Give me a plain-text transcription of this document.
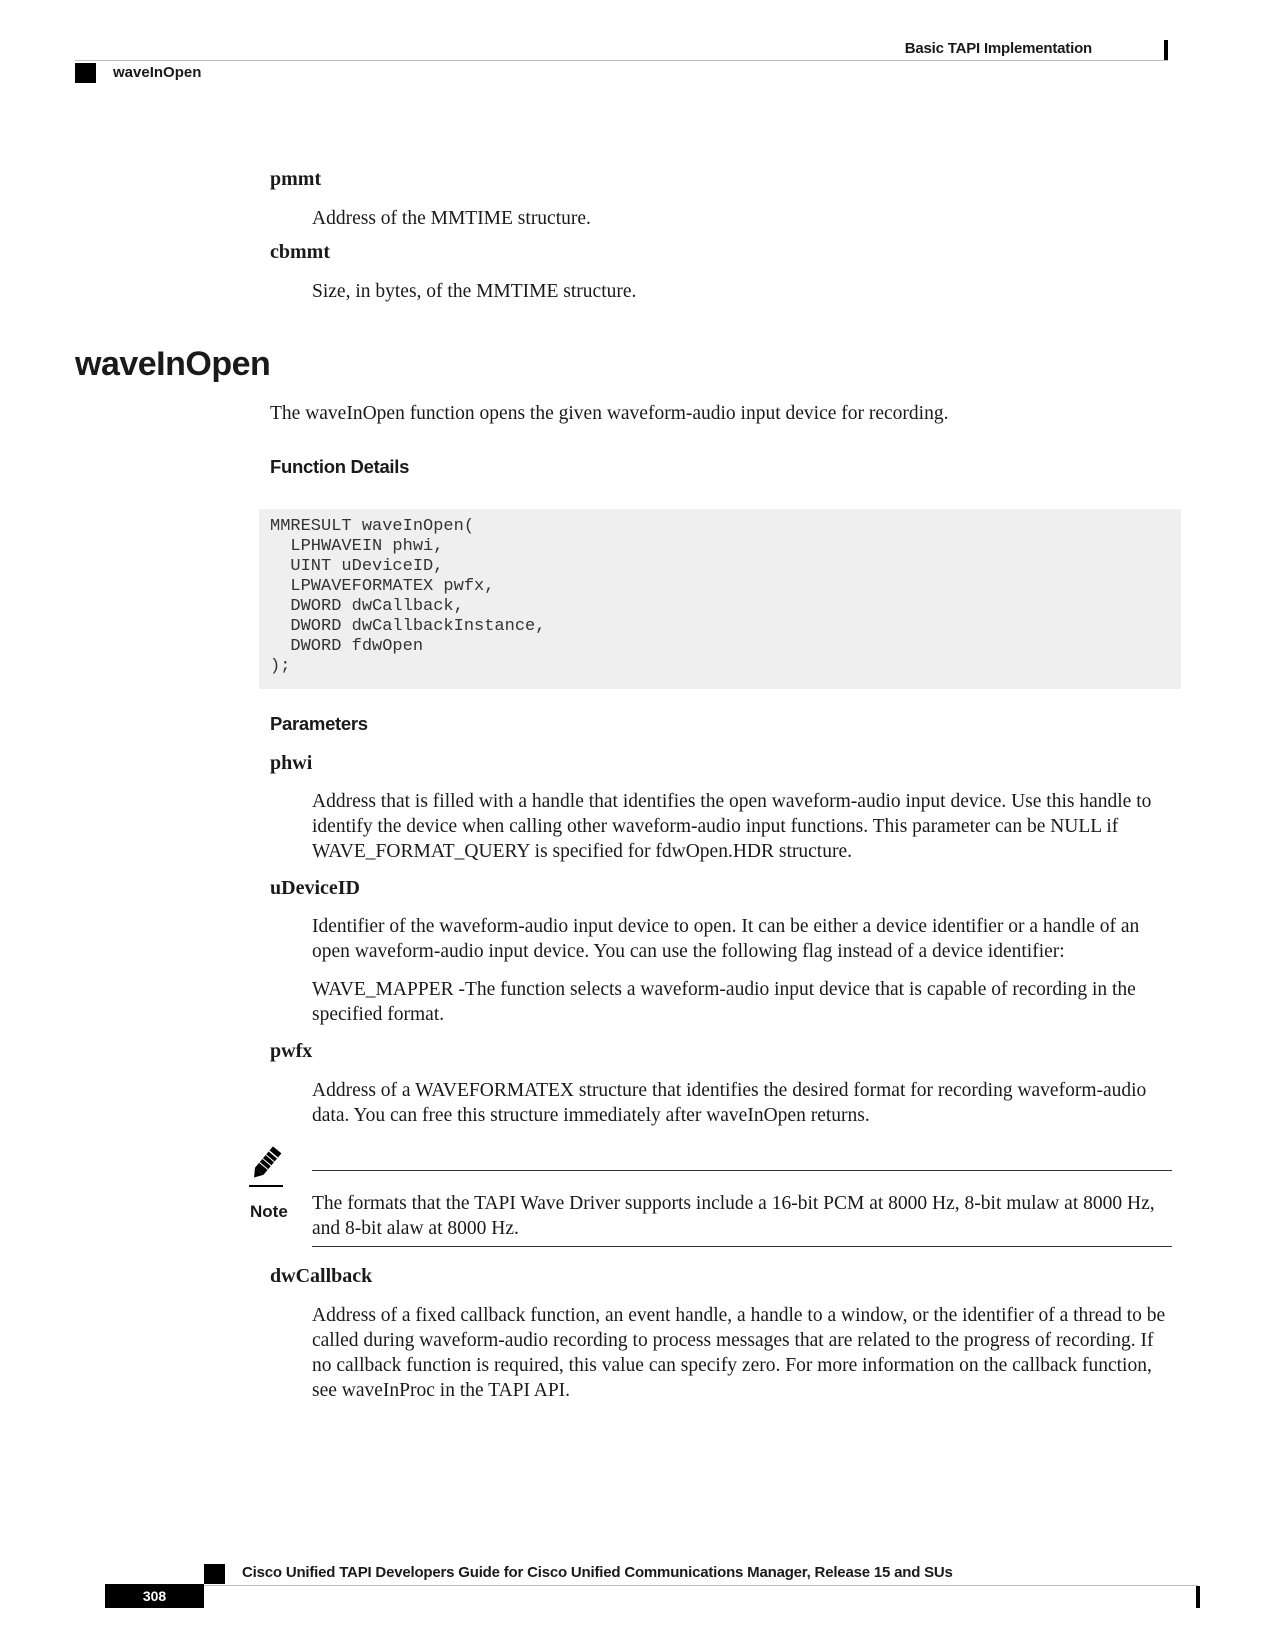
Basic TAPI Implementation
waveInOpen
pmmt
Address of the MMTIME structure.
cbmmt
Size, in bytes, of the MMTIME structure.
waveInOpen
The waveInOpen function opens the given waveform-audio input device for recording.
Function Details
MMRESULT waveInOpen(
LPHWAVEIN phwi,
UINT uDeviceID,
LPWAVEFORMATEX pwfx,
DWORD dwCallback,
DWORD dwCallbackInstance,
DWORD fdwOpen
);
Parameters
phwi
Address that is filled with a handle that identifies the open waveform-audio input device. Use this handle to identify the device when calling other waveform-audio input functions. This parameter can be NULL if WAVE_FORMAT_QUERY is specified for fdwOpen.HDR structure.
uDeviceID
Identifier of the waveform-audio input device to open. It can be either a device identifier or a handle of an open waveform-audio input device. You can use the following flag instead of a device identifier:
WAVE_MAPPER -The function selects a waveform-audio input device that is capable of recording in the specified format.
pwfx
Address of a WAVEFORMATEX structure that identifies the desired format for recording waveform-audio data. You can free this structure immediately after waveInOpen returns.
Note The formats that the TAPI Wave Driver supports include a 16-bit PCM at 8000 Hz, 8-bit mulaw at 8000 Hz, and 8-bit alaw at 8000 Hz.
dwCallback
Address of a fixed callback function, an event handle, a handle to a window, or the identifier of a thread to be called during waveform-audio recording to process messages that are related to the progress of recording. If no callback function is required, this value can specify zero. For more information on the callback function, see waveInProc in the TAPI API.
Cisco Unified TAPI Developers Guide for Cisco Unified Communications Manager, Release 15 and SUs
308
